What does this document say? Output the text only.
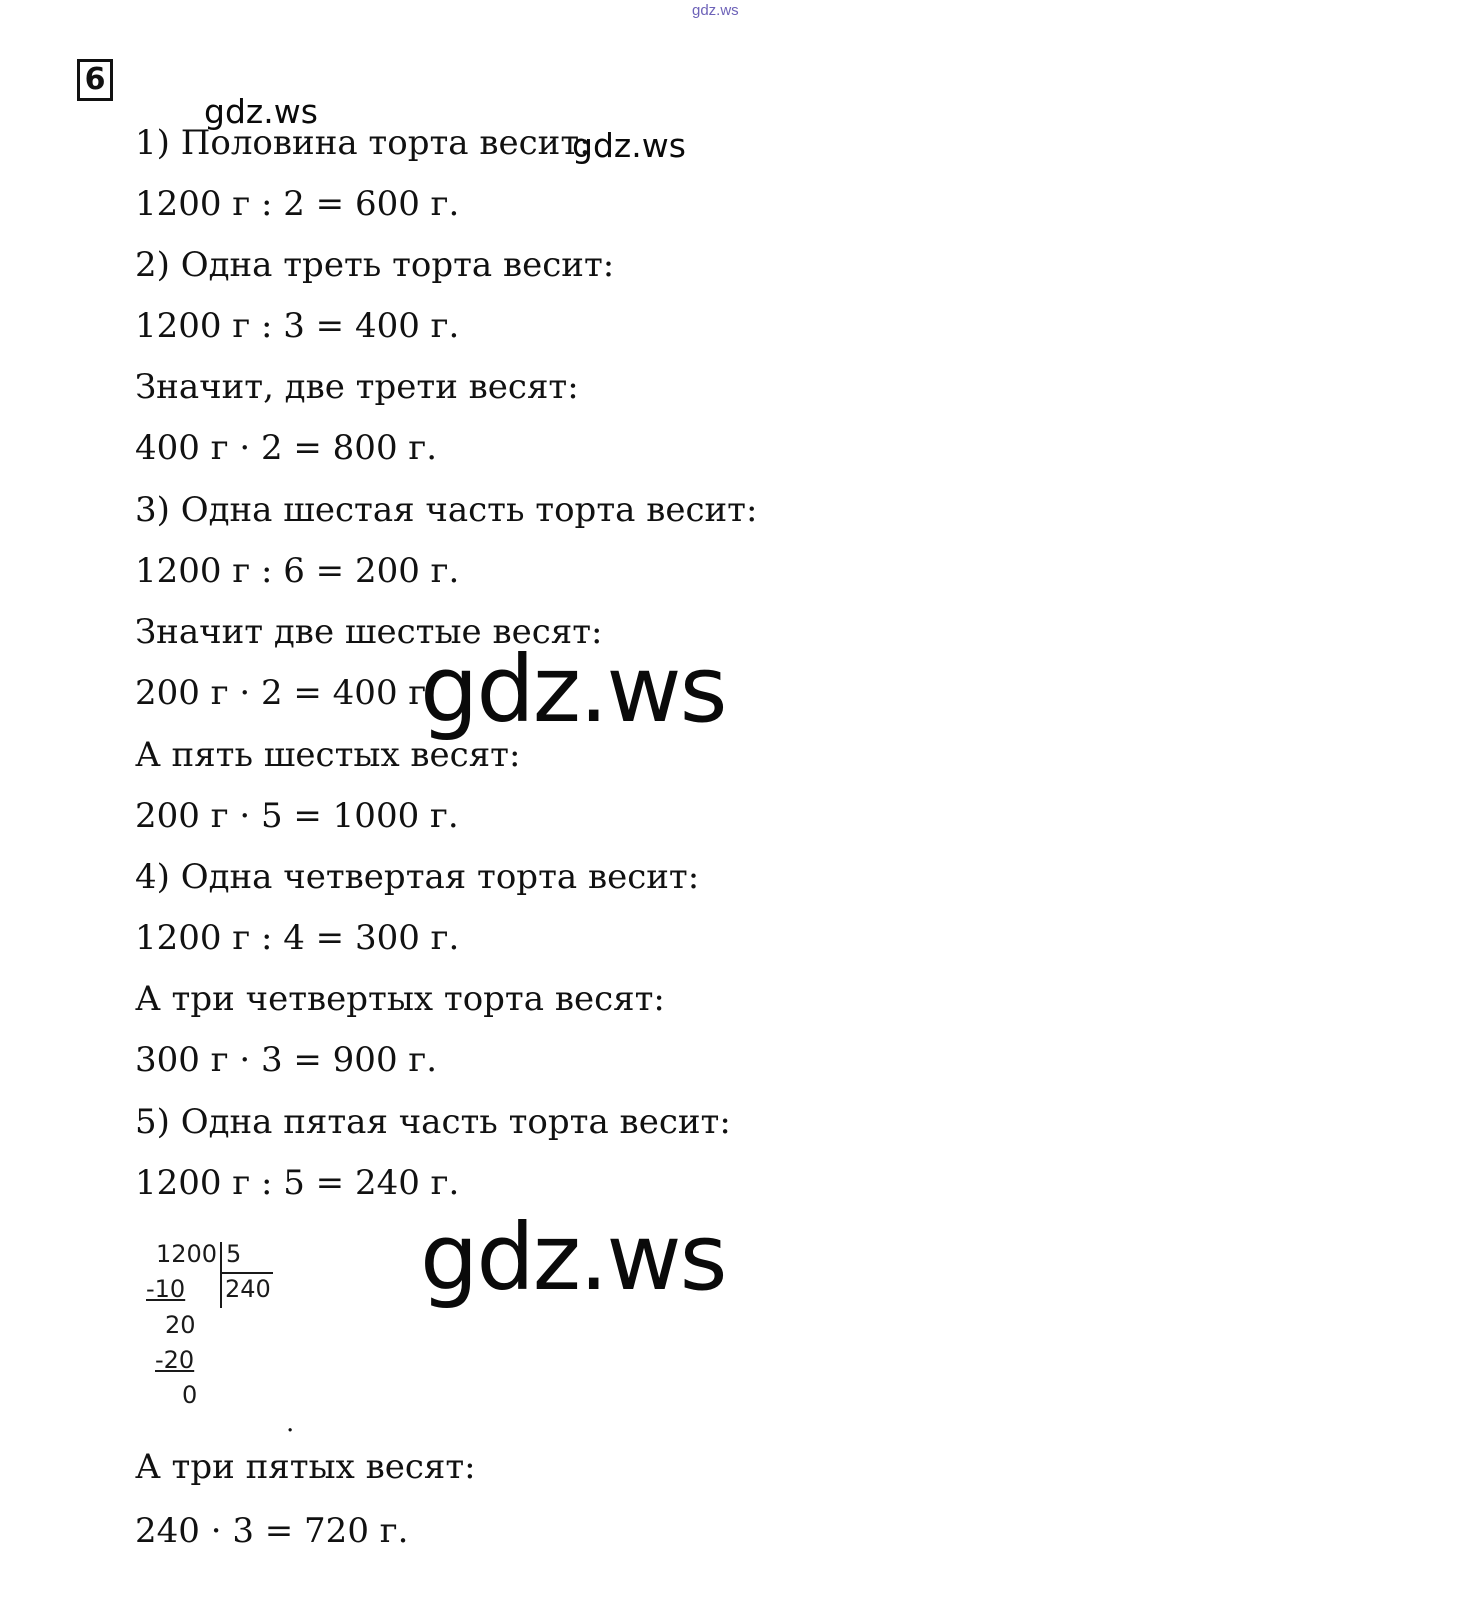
gdz.ws
6
gdz.ws
gdz.ws
1) Половина торта весит:
1200 г : 2 = 600 г.
2) Одна треть торта весит:
1200 г : 3 = 400 г.
Значит, две трети весят:
400 г · 2 = 800 г.
3) Одна шестая часть торта весит:
1200 г : 6 = 200 г.
Значит две шестые весят:
200 г · 2 = 400 г.
А пять шестых весят:
200 г · 5 = 1000 г.
4) Одна четвертая торта весит:
1200 г : 4 = 300 г.
А три четвертых торта весят:
300 г · 3 = 900 г.
5) Одна пятая часть торта весит:
1200 г : 5 = 240 г.
А три пятых весят:
240 · 3 = 720 г.
gdz.ws
gdz.ws
1200 5
-10 240
20
-20
0
.
